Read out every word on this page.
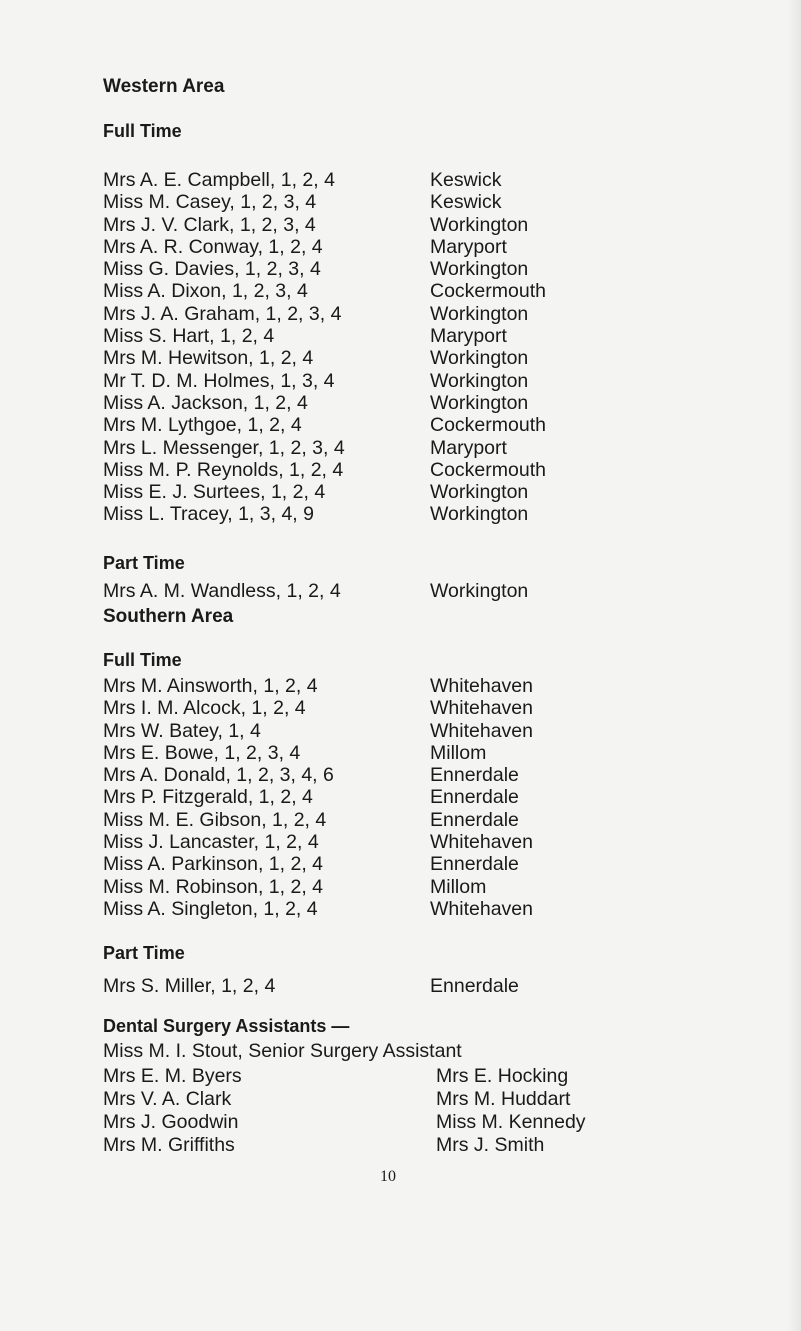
Western Area
Full Time
Mrs A. E. Campbell, 1, 2, 4	Keswick
Miss M. Casey, 1, 2, 3, 4	Keswick
Mrs J. V. Clark, 1, 2, 3, 4	Workington
Mrs A. R. Conway, 1, 2, 4	Maryport
Miss G. Davies, 1, 2, 3, 4	Workington
Miss A. Dixon, 1, 2, 3, 4	Cockermouth
Mrs J. A. Graham, 1, 2, 3, 4	Workington
Miss S. Hart, 1, 2, 4	Maryport
Mrs M. Hewitson, 1, 2, 4	Workington
Mr T. D. M. Holmes, 1, 3, 4	Workington
Miss A. Jackson, 1, 2, 4	Workington
Mrs M. Lythgoe, 1, 2, 4	Cockermouth
Mrs L. Messenger, 1, 2, 3, 4	Maryport
Miss M. P. Reynolds, 1, 2, 4	Cockermouth
Miss E. J. Surtees, 1, 2, 4	Workington
Miss L. Tracey, 1, 3, 4, 9	Workington
Part Time
Mrs A. M. Wandless, 1, 2, 4	Workington
Southern Area
Full Time
Mrs M. Ainsworth, 1, 2, 4	Whitehaven
Mrs I. M. Alcock, 1, 2, 4	Whitehaven
Mrs W. Batey, 1, 4	Whitehaven
Mrs E. Bowe, 1, 2, 3, 4	Millom
Mrs A. Donald, 1, 2, 3, 4, 6	Ennerdale
Mrs P. Fitzgerald, 1, 2, 4	Ennerdale
Miss M. E. Gibson, 1, 2, 4	Ennerdale
Miss J. Lancaster, 1, 2, 4	Whitehaven
Miss A. Parkinson, 1, 2, 4	Ennerdale
Miss M. Robinson, 1, 2, 4	Millom
Miss A. Singleton, 1, 2, 4	Whitehaven
Part Time
Mrs S. Miller, 1, 2, 4	Ennerdale
Dental Surgery Assistants —
Miss M. I. Stout, Senior Surgery Assistant
Mrs E. M. Byers	Mrs E. Hocking
Mrs V. A. Clark	Mrs M. Huddart
Mrs J. Goodwin	Miss M. Kennedy
Mrs M. Griffiths	Mrs J. Smith
10
